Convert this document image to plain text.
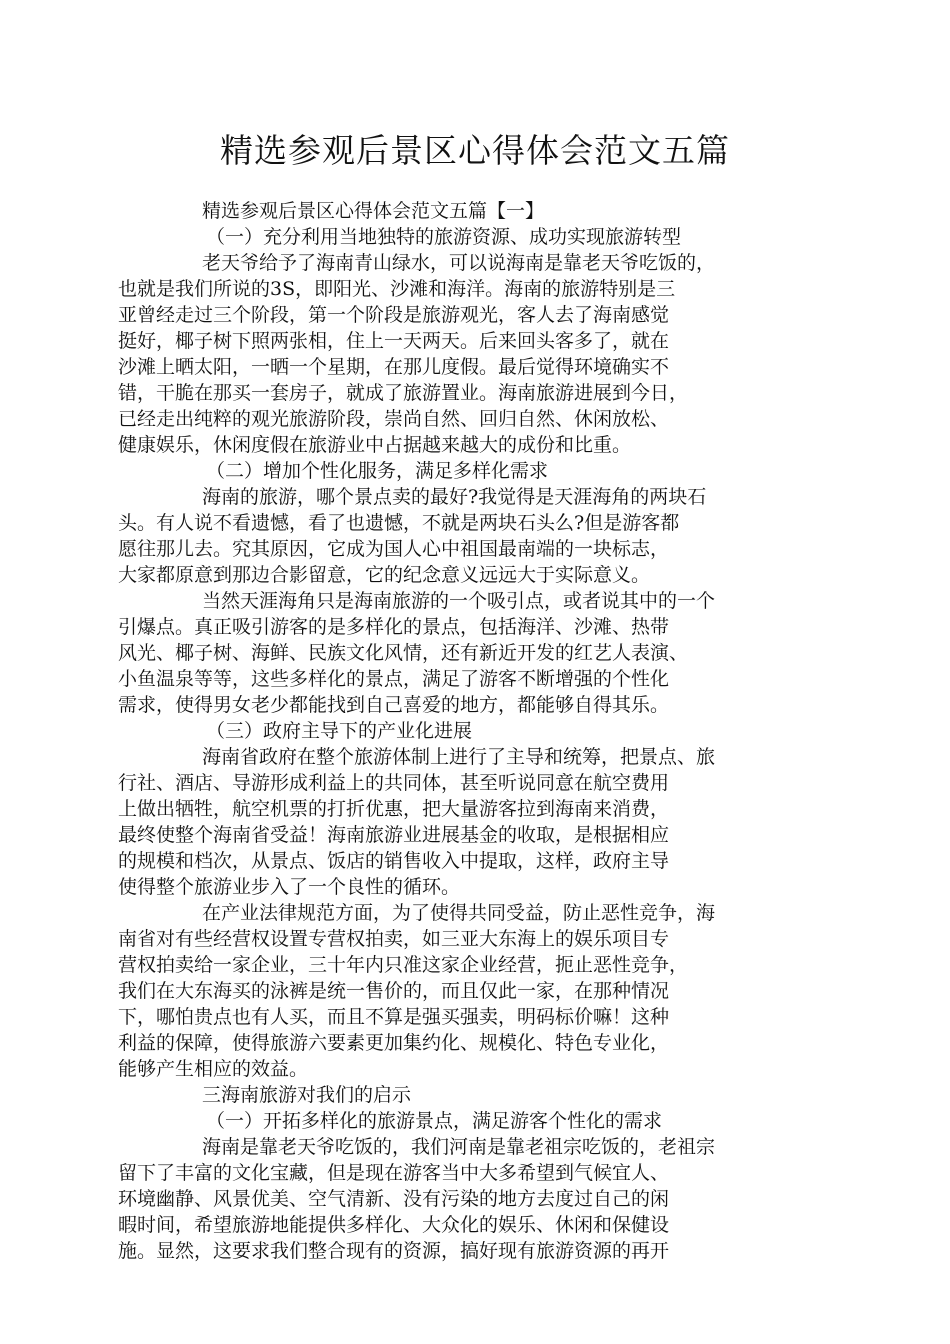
精选参观后景区心得体会范文五篇
精选参观后景区心得体会范文五篇【一】
（一）充分利用当地独特的旅游资源、成功实现旅游转型
老天爷给予了海南青山绿水，可以说海南是靠老天爷吃饭的，
也就是我们所说的3S，即阳光、沙滩和海洋。海南的旅游特别是三
亚曾经走过三个阶段，第一个阶段是旅游观光，客人去了海南感觉
挺好，椰子树下照两张相，住上一天两天。后来回头客多了，就在
沙滩上晒太阳，一晒一个星期，在那儿度假。最后觉得环境确实不
错，干脆在那买一套房子，就成了旅游置业。海南旅游进展到今日，
已经走出纯粹的观光旅游阶段，崇尚自然、回归自然、休闲放松、
健康娱乐，休闲度假在旅游业中占据越来越大的成份和比重。
（二）增加个性化服务，满足多样化需求
海南的旅游，哪个景点卖的最好?我觉得是天涯海角的两块石
头。有人说不看遗憾，看了也遗憾，不就是两块石头么?但是游客都
愿往那儿去。究其原因，它成为国人心中祖国最南端的一块标志，
大家都原意到那边合影留意，它的纪念意义远远大于实际意义。
当然天涯海角只是海南旅游的一个吸引点，或者说其中的一个
引爆点。真正吸引游客的是多样化的景点，包括海洋、沙滩、热带
风光、椰子树、海鲜、民族文化风情，还有新近开发的红艺人表演、
小鱼温泉等等，这些多样化的景点，满足了游客不断增强的个性化
需求，使得男女老少都能找到自己喜爱的地方，都能够自得其乐。
（三）政府主导下的产业化进展
海南省政府在整个旅游体制上进行了主导和统筹，把景点、旅
行社、酒店、导游形成利益上的共同体，甚至听说同意在航空费用
上做出牺牲，航空机票的打折优惠，把大量游客拉到海南来消费，
最终使整个海南省受益！海南旅游业进展基金的收取，是根据相应
的规模和档次，从景点、饭店的销售收入中提取，这样，政府主导
使得整个旅游业步入了一个良性的循环。
在产业法律规范方面，为了使得共同受益，防止恶性竞争，海
南省对有些经营权设置专营权拍卖，如三亚大东海上的娱乐项目专
营权拍卖给一家企业，三十年内只准这家企业经营，扼止恶性竞争，
我们在大东海买的泳裤是统一售价的，而且仅此一家，在那种情况
下，哪怕贵点也有人买，而且不算是强买强卖，明码标价嘛！这种
利益的保障，使得旅游六要素更加集约化、规模化、特色专业化，
能够产生相应的效益。
三海南旅游对我们的启示
（一）开拓多样化的旅游景点，满足游客个性化的需求
海南是靠老天爷吃饭的，我们河南是靠老祖宗吃饭的，老祖宗
留下了丰富的文化宝藏，但是现在游客当中大多希望到气候宜人、
环境幽静、风景优美、空气清新、没有污染的地方去度过自己的闲
暇时间，希望旅游地能提供多样化、大众化的娱乐、休闲和保健设
施。显然，这要求我们整合现有的资源，搞好现有旅游资源的再开
